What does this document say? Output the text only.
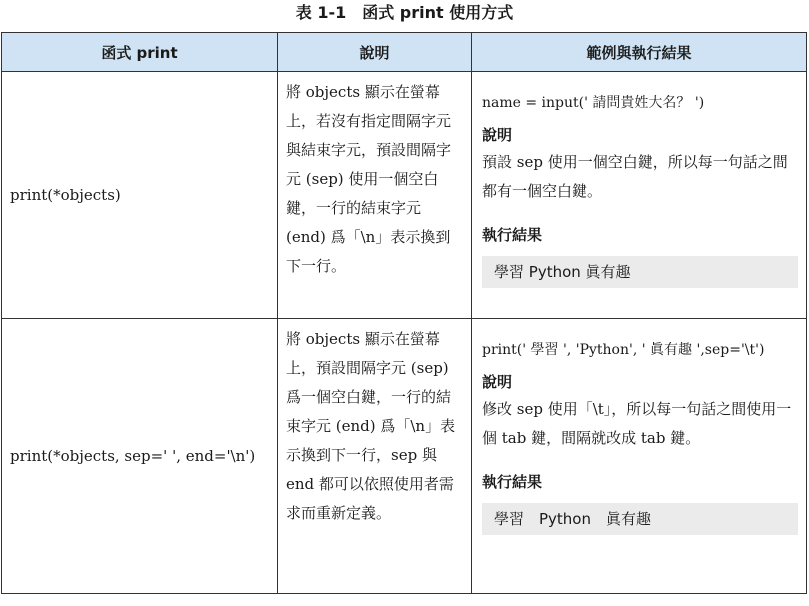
表 1-1　函式 print 使用方式
函式 print	說明	範例與執行結果
print(*objects)	將 objects 顯示在螢幕上，若沒有指定間隔字元與結束字元，預設間隔字元 (sep) 使用一個空白鍵，一行的結束字元 (end) 爲「\n」表示換到下一行。	name = input(' 請問貴姓大名？ ')
說明
預設 sep 使用一個空白鍵，所以每一句話之間都有一個空白鍵。
執行結果
學習 Python 眞有趣

print(*objects, sep=' ', end='\n')	將 objects 顯示在螢幕上，預設間隔字元 (sep) 爲一個空白鍵，一行的結束字元 (end) 爲「\n」表示換到下一行，sep 與 end 都可以依照使用者需求而重新定義。	print(' 學習 ', 'Python', ' 眞有趣 ',sep='\t')
說明
修改 sep 使用「\t」，所以每一句話之間使用一個 tab 鍵，間隔就改成 tab 鍵。
執行結果
學習　Python　眞有趣
